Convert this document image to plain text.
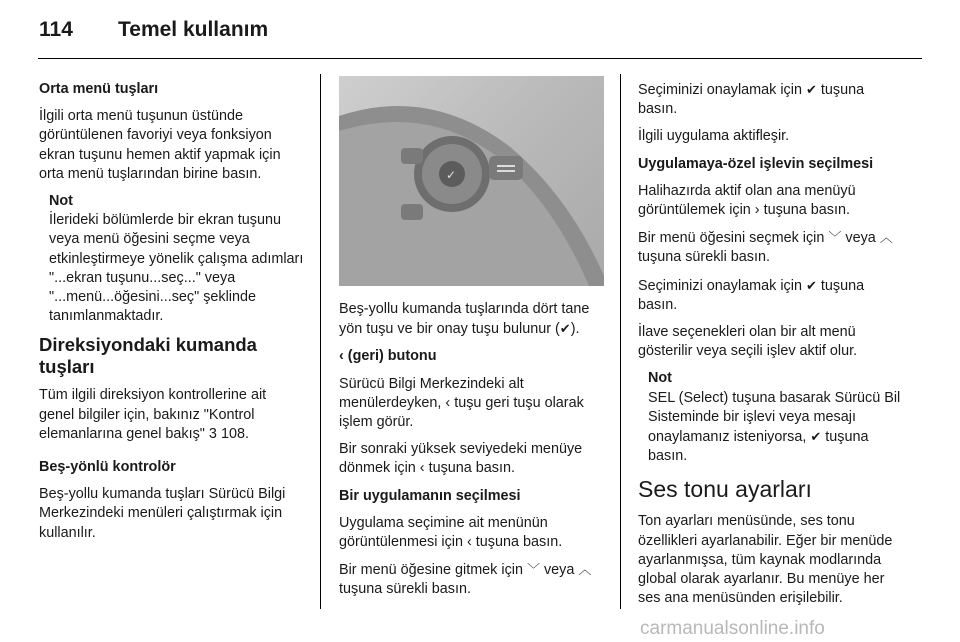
114 Temel kullanım

Orta menü tuşları

İlgili orta menü tuşunun üstünde görüntülenen favoriyi veya fonksiyon ekran tuşunu hemen aktif yapmak için orta menü tuşlarından birine basın.

Not
İlerideki bölümlerde bir ekran tuşunu veya menü öğesini seçme veya etkinleştirmeye yönelik çalışma adımları "...ekran tuşunu...seç..." veya "...menü...öğesini...seç" şeklinde tanımlanmaktadır.

Direksiyondaki kumanda tuşları

Tüm ilgili direksiyon kontrollerine ait genel bilgiler için, bakınız "Kontrol elemanlarına genel bakış" 3 108.

Beş-yönlü kontrolör

Beş-yollu kumanda tuşları Sürücü Bilgi Merkezindeki menüleri çalıştırmak için kullanılır.

✓

Beş-yollu kumanda tuşlarında dört tane yön tuşu ve bir onay tuşu bulunur (✔).

‹ (geri) butonu

Sürücü Bilgi Merkezindeki alt menülerdeyken, ‹ tuşu geri tuşu olarak işlem görür.

Bir sonraki yüksek seviyedeki menüye dönmek için ‹ tuşuna basın.

Bir uygulamanın seçilmesi

Uygulama seçimine ait menünün görüntülenmesi için ‹ tuşuna basın.

Bir menü öğesine gitmek için ﹀ veya ︿ tuşuna sürekli basın.

Seçiminizi onaylamak için ✔ tuşuna basın.

İlgili uygulama aktifleşir.

Uygulamaya-özel işlevin seçilmesi

Halihazırda aktif olan ana menüyü görüntülemek için › tuşuna basın.

Bir menü öğesini seçmek için ﹀ veya ︿ tuşuna sürekli basın.

Seçiminizi onaylamak için ✔ tuşuna basın.

İlave seçenekleri olan bir alt menü gösterilir veya seçili işlev aktif olur.

Not
SEL (Select) tuşuna basarak Sürücü Bil Sisteminde bir işlevi veya mesajı onaylamanız isteniyorsa, ✔ tuşuna basın.

Ses tonu ayarları

Ton ayarları menüsünde, ses tonu özellikleri ayarlanabilir. Eğer bir menüde ayarlanmışsa, tüm kaynak modlarında global olarak ayarlanır. Bu menüye her ses ana menüsünden erişilebilir.

carmanualsonline.info
